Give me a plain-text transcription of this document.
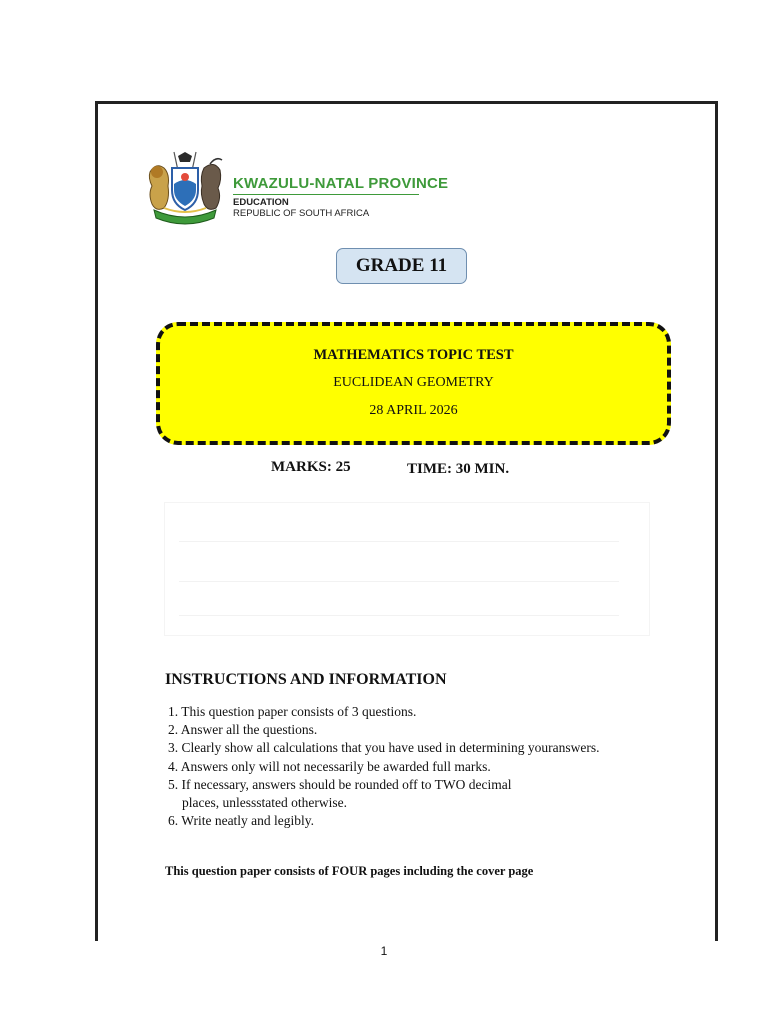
KWAZULU-NATAL PROVINCE
EDUCATION
REPUBLIC OF SOUTH AFRICA
GRADE 11
MATHEMATICS TOPIC TEST
EUCLIDEAN GEOMETRY
28 APRIL 2026
MARKS: 25	TIME: 30 MIN.
INSTRUCTIONS AND INFORMATION
1. This question paper consists of 3 questions.
2. Answer all the questions.
3. Clearly show all calculations that you have used in determining youranswers.
4. Answers only will not necessarily be awarded full marks.
5. If necessary, answers should be rounded off to TWO decimal
places, unlessstated otherwise.
6. Write neatly and legibly.
This question paper consists of FOUR pages including the cover page
1
